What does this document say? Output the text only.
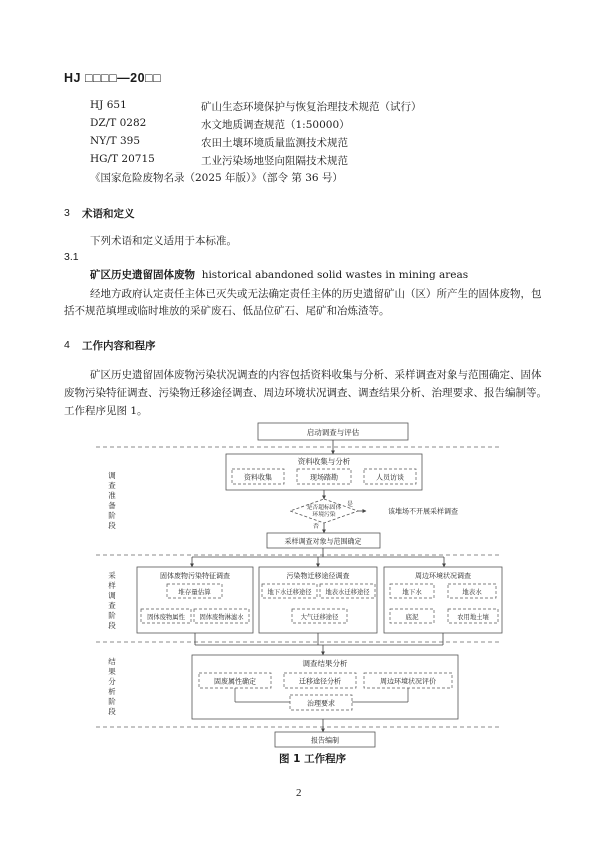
HJ □□□□—20□□
HJ 651	矿山生态环境保护与恢复治理技术规范（试行）
DZ/T 0282	水文地质调查规范（1:50000）
NY/T 395	农田土壤环境质量监测技术规范
HG/T 20715	工业污染场地竖向阻隔技术规范
《国家危险废物名录（2025 年版）》（部令 第 36 号）
3 术语和定义
下列术语和定义适用于本标准。
3.1
矿区历史遗留固体废物 historical abandoned solid wastes in mining areas
经地方政府认定责任主体已灭失或无法确定责任主体的历史遗留矿山（区）所产生的固体废物，包
括不规范填埋或临时堆放的采矿废石、低品位矿石、尾矿和冶炼渣等。
4 工作内容和程序
矿区历史遗留固体废物污染状况调查的内容包括资料收集与分析、采样调查对象与范围确定、固体
废物污染特征调查、污染物迁移途径调查、周边环境状况调查、调查结果分析、治理要求、报告编制等。
工作程序见图 1。
调查准备阶段
采样调查阶段
结果分析阶段
启动调查与评估
资料收集与分析
资料收集	现场踏勘	人员访谈
是否超标固体环境污染
是
该堆场不开展采样调查
否
采样调查对象与范围确定
固体废物污染特征调查
堆存量估算
固体废物属性 固体废物淋滤水
污染物迁移途径调查
地下水迁移途径 地表水迁移途径
大气迁移途径
周边环境状况调查
地下水	地表水
底泥	农用地土壤
调查结果分析
固废属性确定	迁移途径分析	周边环境状况评价
治理要求
报告编制
图 1 工作程序
2
